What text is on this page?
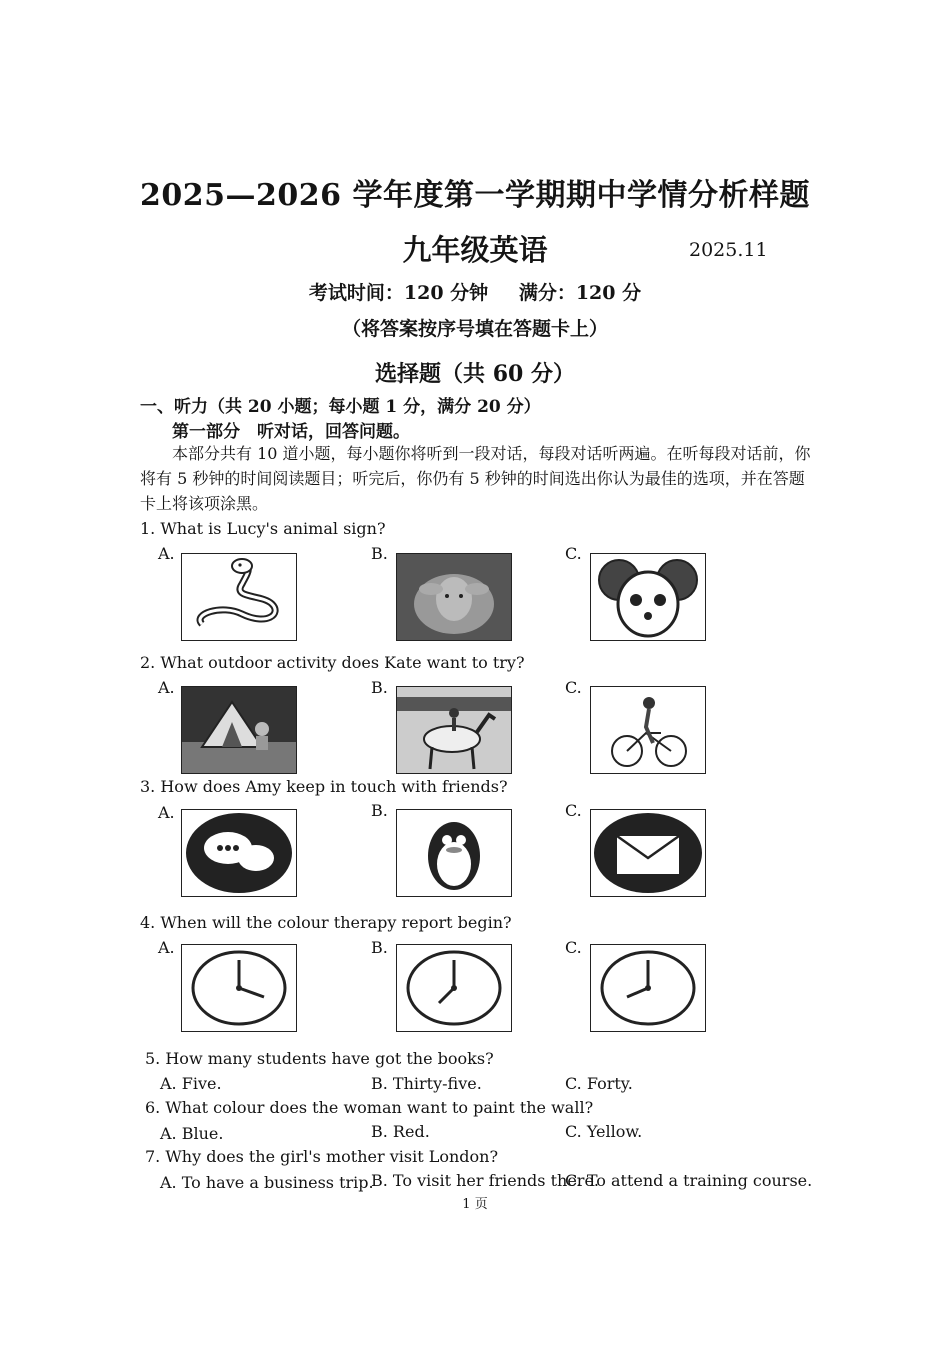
2025—2026 学年度第一学期期中学情分析样题
九年级英语	2025.11
考试时间：120 分钟 满分：120 分
（将答案按序号填在答题卡上）
选择题（共 60 分）
一、听力（共 20 小题；每小题 1 分，满分 20 分）
第一部分　听对话，回答问题。
本部分共有 10 道小题，每小题你将听到一段对话，每段对话听两遍。在听每段对话前，你将有 5 秒钟的时间阅读题目；听完后，你仍有 5 秒钟的时间选出你认为最佳的选项，并在答题卡上将该项涂黑。
1. What is Lucy's animal sign?
A.	B.	C.
2. What outdoor activity does Kate want to try?
A.	B.	C.
3. How does Amy keep in touch with friends?
A.	B.	C.
4. When will the colour therapy report begin?
A.	B.	C.
5. How many students have got the books?
A. Five.	B. Thirty-five.	C. Forty.
6. What colour does the woman want to paint the wall?
A. Blue.	B. Red.	C. Yellow.
7. Why does the girl's mother visit London?
A. To have a business trip.
B. To visit her friends there.
C. To attend a training course.
1 页
